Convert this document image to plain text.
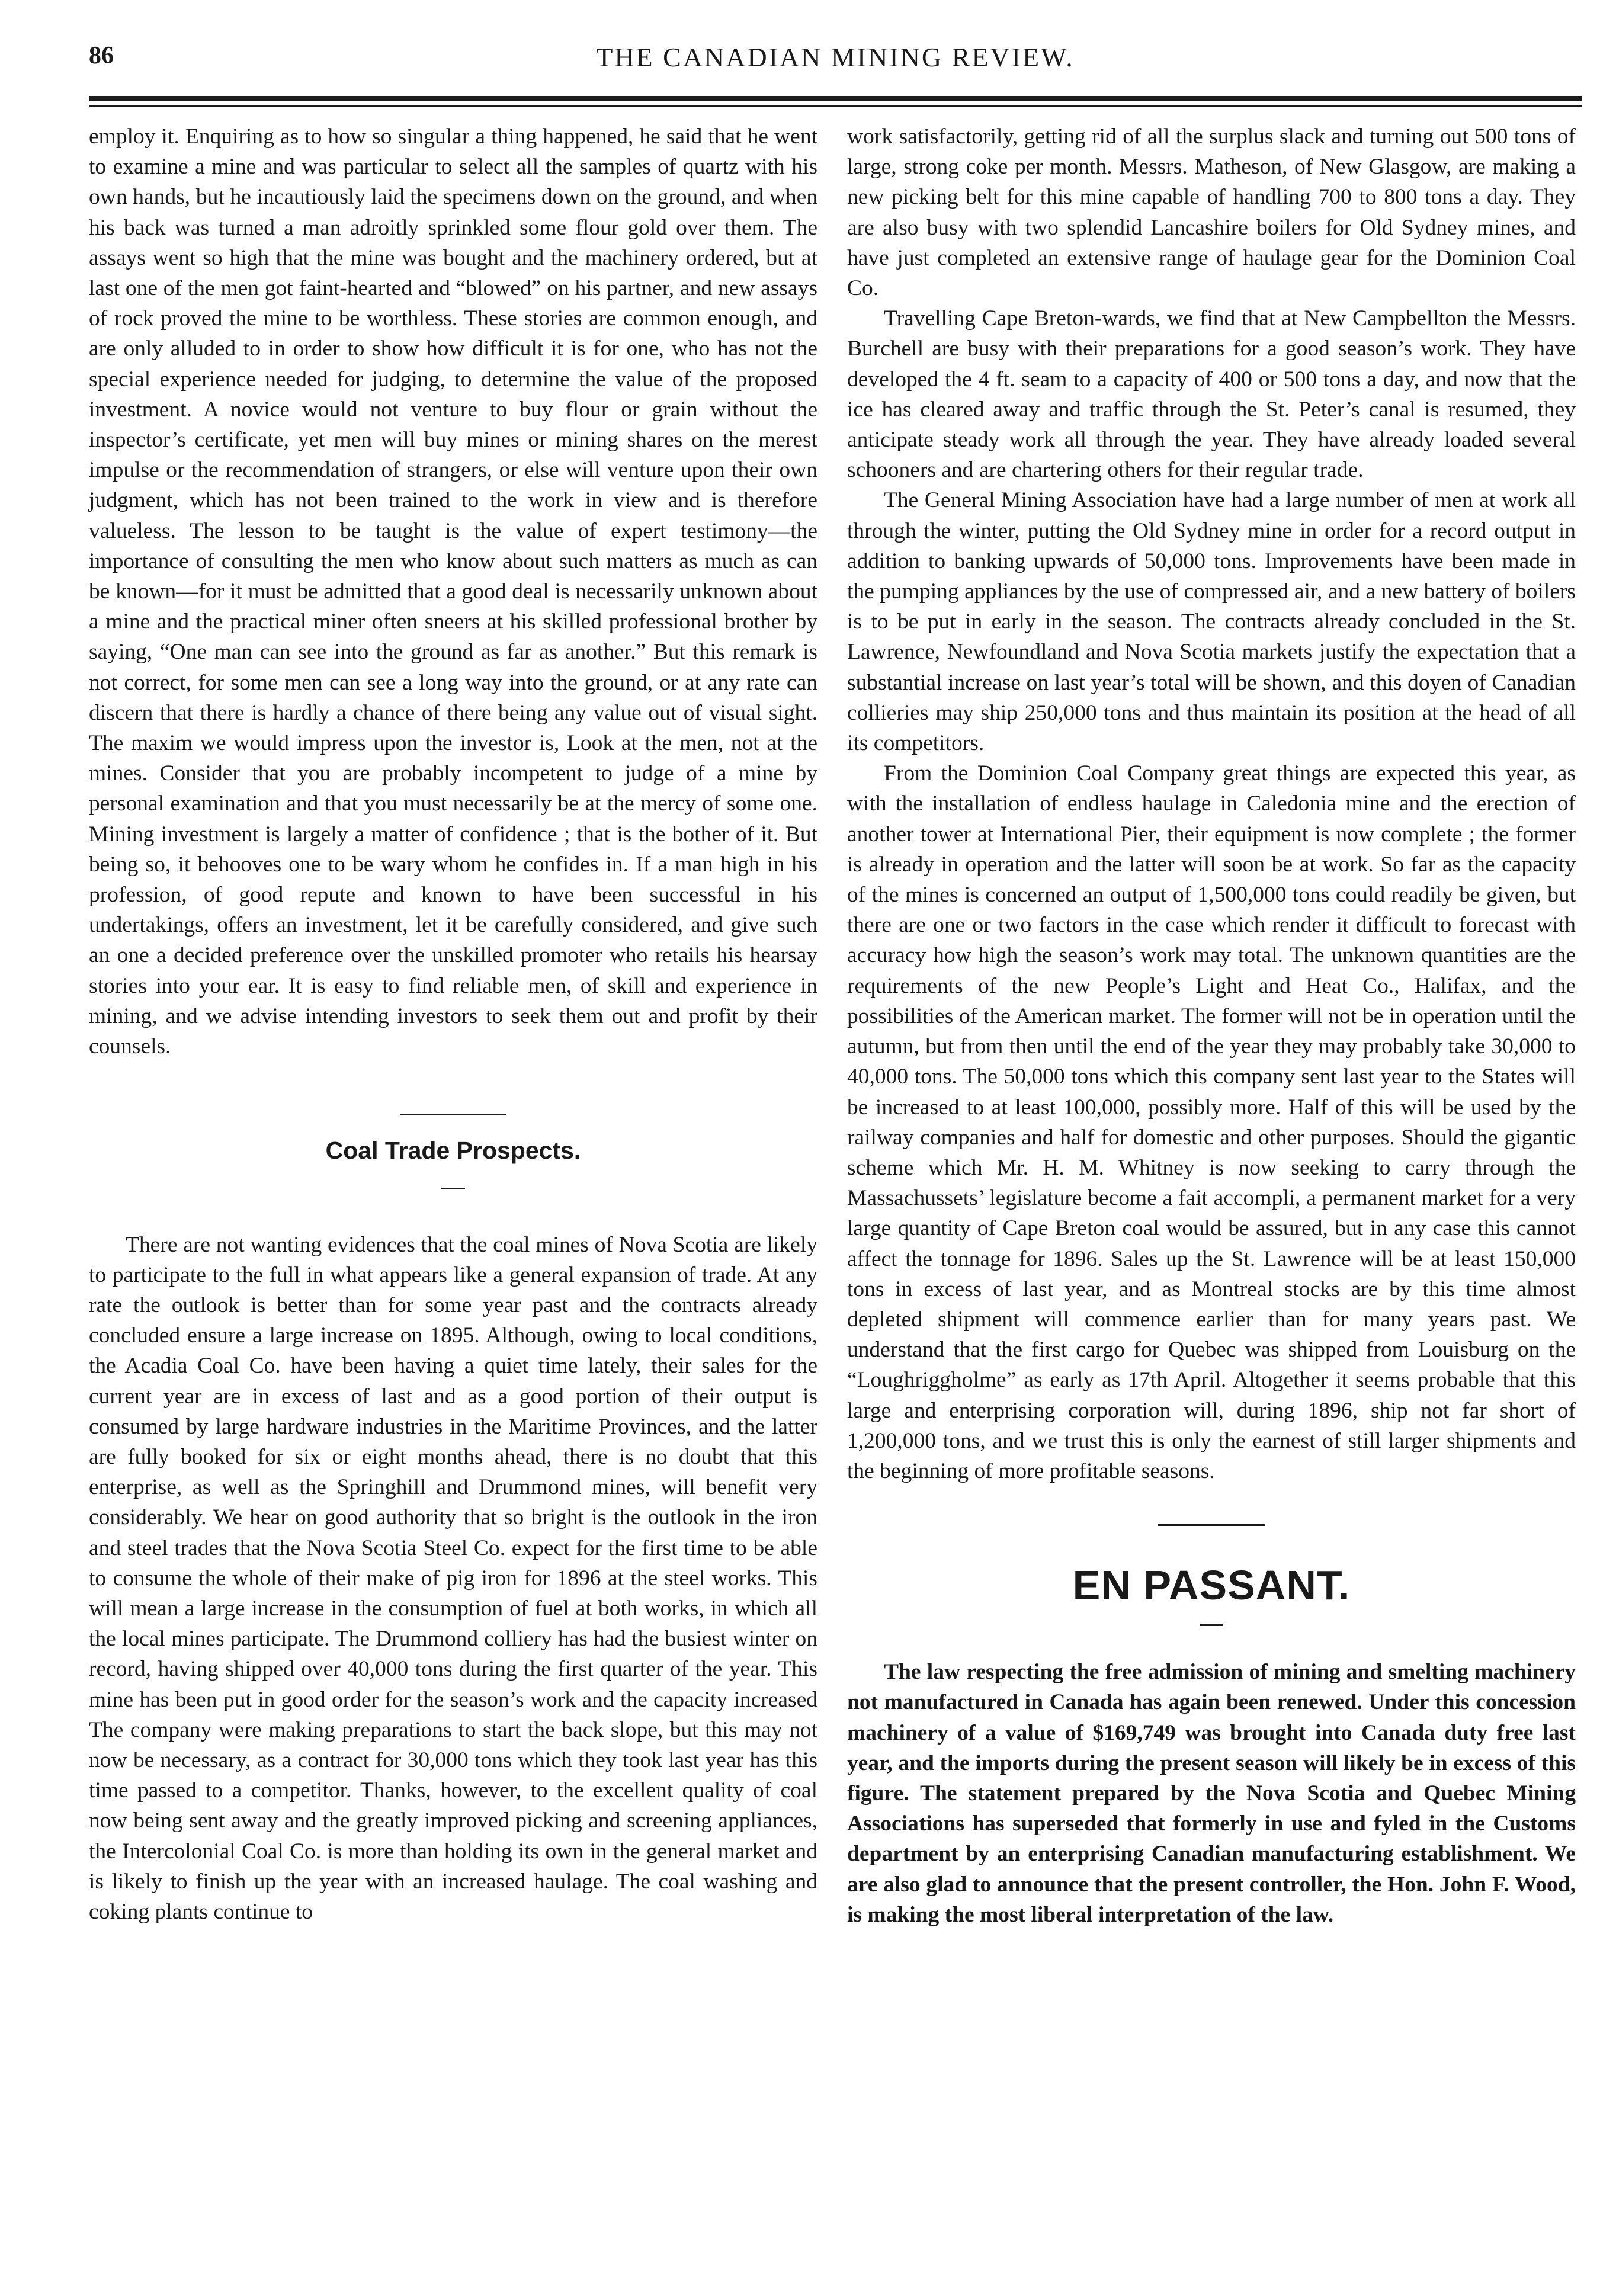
86	THE CANADIAN MINING REVIEW.

employ it. Enquiring as to how so singular a thing happened, he said that he went to examine a mine and was particular to select all the samples of quartz with his own hands, but he incautiously laid the specimens down on the ground, and when his back was turned a man adroitly sprinkled some flour gold over them. The assays went so high that the mine was bought and the machinery ordered, but at last one of the men got faint-hearted and “blowed” on his partner, and new assays of rock proved the mine to be worthless. These stories are common enough, and are only alluded to in order to show how difficult it is for one, who has not the special experience needed for judging, to determine the value of the proposed investment. A novice would not venture to buy flour or grain without the inspector’s certificate, yet men will buy mines or mining shares on the merest impulse or the recommendation of strangers, or else will venture upon their own judgment, which has not been trained to the work in view and is therefore valueless. The lesson to be taught is the value of expert testimony—the importance of consulting the men who know about such matters as much as can be known—for it must be admitted that a good deal is necessarily unknown about a mine and the practical miner often sneers at his skilled professional brother by saying, “One man can see into the ground as far as another.” But this remark is not correct, for some men can see a long way into the ground, or at any rate can discern that there is hardly a chance of there being any value out of visual sight. The maxim we would impress upon the investor is, Look at the men, not at the mines. Consider that you are probably incompetent to judge of a mine by personal examination and that you must necessarily be at the mercy of some one. Mining investment is largely a matter of confidence ; that is the bother of it. But being so, it behooves one to be wary whom he confides in. If a man high in his profession, of good repute and known to have been successful in his undertakings, offers an investment, let it be carefully considered, and give such an one a decided preference over the unskilled promoter who retails his hearsay stories into your ear. It is easy to find reliable men, of skill and experience in mining, and we advise intending investors to seek them out and profit by their counsels.

Coal Trade Prospects.

There are not wanting evidences that the coal mines of Nova Scotia are likely to participate to the full in what appears like a general expansion of trade. At any rate the outlook is better than for some year past and the contracts already concluded ensure a large increase on 1895. Although, owing to local conditions, the Acadia Coal Co. have been having a quiet time lately, their sales for the current year are in excess of last and as a good portion of their output is consumed by large hardware industries in the Maritime Provinces, and the latter are fully booked for six or eight months ahead, there is no doubt that this enterprise, as well as the Springhill and Drummond mines, will benefit very considerably. We hear on good authority that so bright is the outlook in the iron and steel trades that the Nova Scotia Steel Co. expect for the first time to be able to consume the whole of their make of pig iron for 1896 at the steel works. This will mean a large increase in the consumption of fuel at both works, in which all the local mines participate. The Drummond colliery has had the busiest winter on record, having shipped over 40,000 tons during the first quarter of the year. This mine has been put in good order for the season’s work and the capacity increased The company were making preparations to start the back slope, but this may not now be necessary, as a contract for 30,000 tons which they took last year has this time passed to a competitor. Thanks, however, to the excellent quality of coal now being sent away and the greatly improved picking and screening appliances, the Intercolonial Coal Co. is more than holding its own in the general market and is likely to finish up the year with an increased haulage. The coal washing and coking plants continue to

work satisfactorily, getting rid of all the surplus slack and turning out 500 tons of large, strong coke per month. Messrs. Matheson, of New Glasgow, are making a new picking belt for this mine capable of handling 700 to 800 tons a day. They are also busy with two splendid Lancashire boilers for Old Sydney mines, and have just completed an extensive range of haulage gear for the Dominion Coal Co.

Travelling Cape Breton-wards, we find that at New Campbellton the Messrs. Burchell are busy with their preparations for a good season’s work. They have developed the 4 ft. seam to a capacity of 400 or 500 tons a day, and now that the ice has cleared away and traffic through the St. Peter’s canal is resumed, they anticipate steady work all through the year. They have already loaded several schooners and are chartering others for their regular trade.

The General Mining Association have had a large number of men at work all through the winter, putting the Old Sydney mine in order for a record output in addition to banking upwards of 50,000 tons. Improvements have been made in the pumping appliances by the use of compressed air, and a new battery of boilers is to be put in early in the season. The contracts already concluded in the St. Lawrence, Newfoundland and Nova Scotia markets justify the expectation that a substantial increase on last year’s total will be shown, and this doyen of Canadian collieries may ship 250,000 tons and thus maintain its position at the head of all its competitors.

From the Dominion Coal Company great things are expected this year, as with the installation of endless haulage in Caledonia mine and the erection of another tower at International Pier, their equipment is now complete ; the former is already in operation and the latter will soon be at work. So far as the capacity of the mines is concerned an output of 1,500,000 tons could readily be given, but there are one or two factors in the case which render it difficult to forecast with accuracy how high the season’s work may total. The unknown quantities are the requirements of the new People’s Light and Heat Co., Halifax, and the possibilities of the American market. The former will not be in operation until the autumn, but from then until the end of the year they may probably take 30,000 to 40,000 tons. The 50,000 tons which this company sent last year to the States will be increased to at least 100,000, possibly more. Half of this will be used by the railway companies and half for domestic and other purposes. Should the gigantic scheme which Mr. H. M. Whitney is now seeking to carry through the Massachussets’ legislature become a fait accompli, a permanent market for a very large quantity of Cape Breton coal would be assured, but in any case this cannot affect the tonnage for 1896. Sales up the St. Lawrence will be at least 150,000 tons in excess of last year, and as Montreal stocks are by this time almost depleted shipment will commence earlier than for many years past. We understand that the first cargo for Quebec was shipped from Louisburg on the “Loughriggholme” as early as 17th April. Altogether it seems probable that this large and enterprising corporation will, during 1896, ship not far short of 1,200,000 tons, and we trust this is only the earnest of still larger shipments and the beginning of more profitable seasons.

EN PASSANT.

The law respecting the free admission of mining and smelting machinery not manufactured in Canada has again been renewed. Under this concession machinery of a value of $169,749 was brought into Canada duty free last year, and the imports during the present season will likely be in excess of this figure. The statement prepared by the Nova Scotia and Quebec Mining Associations has superseded that formerly in use and fyled in the Customs department by an enterprising Canadian manufacturing establishment. We are also glad to announce that the present controller, the Hon. John F. Wood, is making the most liberal interpretation of the law.
